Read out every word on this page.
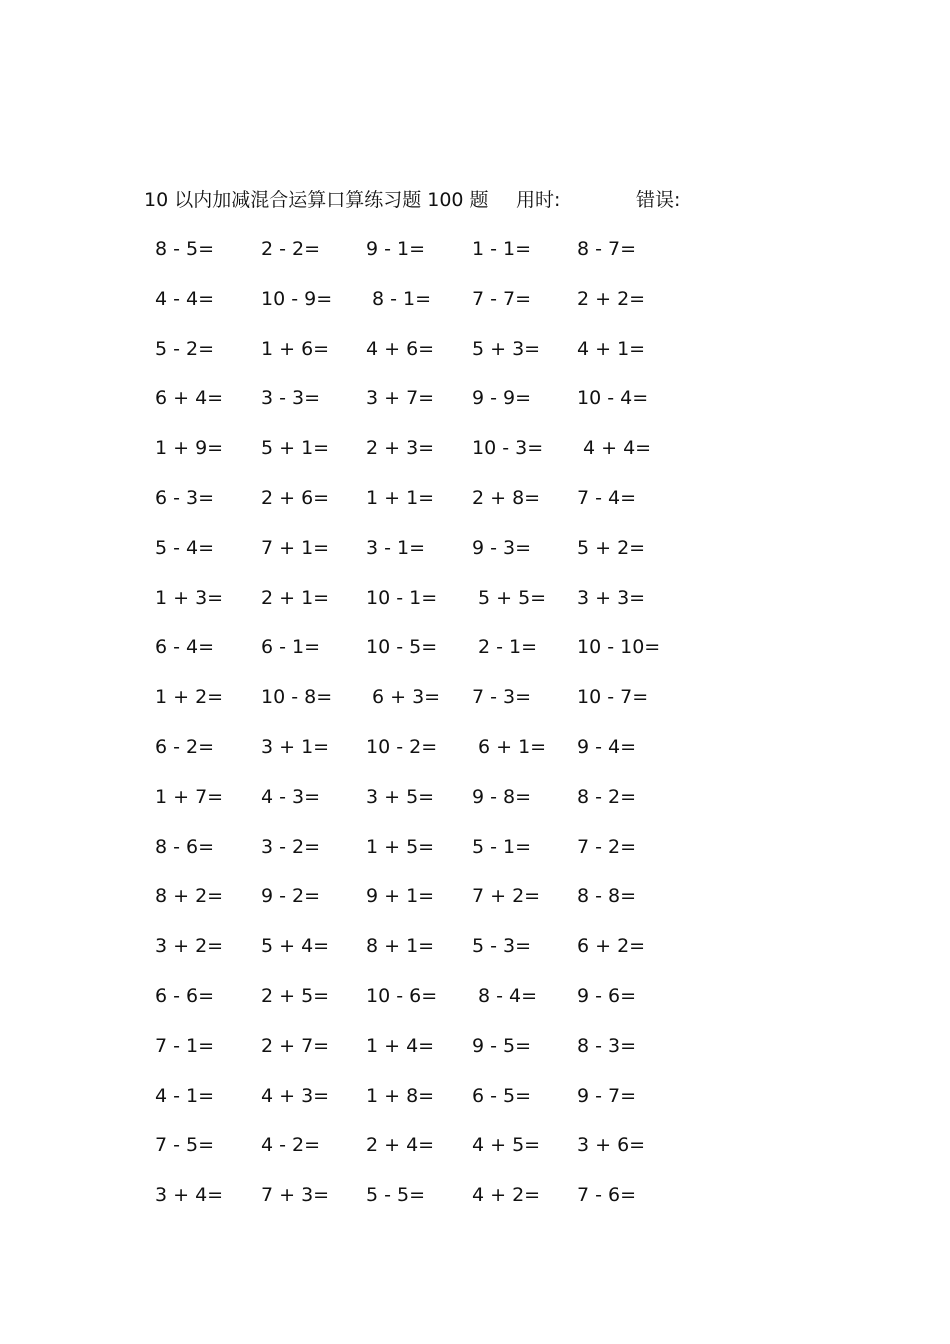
10 以内加减混合运算口算练习题 100 题 用时:	错误:
8 - 5= 2 - 2= 9 - 1= 1 - 1= 8 - 7=
4 - 4= 10 - 9= 8 - 1= 7 - 7= 2 + 2=
5 - 2= 1 + 6= 4 + 6= 5 + 3= 4 + 1=
6 + 4= 3 - 3= 3 + 7= 9 - 9= 10 - 4=
1 + 9= 5 + 1= 2 + 3= 10 - 3= 4 + 4=
6 - 3= 2 + 6= 1 + 1= 2 + 8= 7 - 4=
5 - 4= 7 + 1= 3 - 1= 9 - 3= 5 + 2=
1 + 3= 2 + 1= 10 - 1= 5 + 5= 3 + 3=
6 - 4= 6 - 1= 10 - 5= 2 - 1= 10 - 10=
1 + 2= 10 - 8= 6 + 3= 7 - 3= 10 - 7=
6 - 2= 3 + 1= 10 - 2= 6 + 1= 9 - 4=
1 + 7= 4 - 3= 3 + 5= 9 - 8= 8 - 2=
8 - 6= 3 - 2= 1 + 5= 5 - 1= 7 - 2=
8 + 2= 9 - 2= 9 + 1= 7 + 2= 8 - 8=
3 + 2= 5 + 4= 8 + 1= 5 - 3= 6 + 2=
6 - 6= 2 + 5= 10 - 6= 8 - 4= 9 - 6=
7 - 1= 2 + 7= 1 + 4= 9 - 5= 8 - 3=
4 - 1= 4 + 3= 1 + 8= 6 - 5= 9 - 7=
7 - 5= 4 - 2= 2 + 4= 4 + 5= 3 + 6=
3 + 4= 7 + 3= 5 - 5= 4 + 2= 7 - 6=
